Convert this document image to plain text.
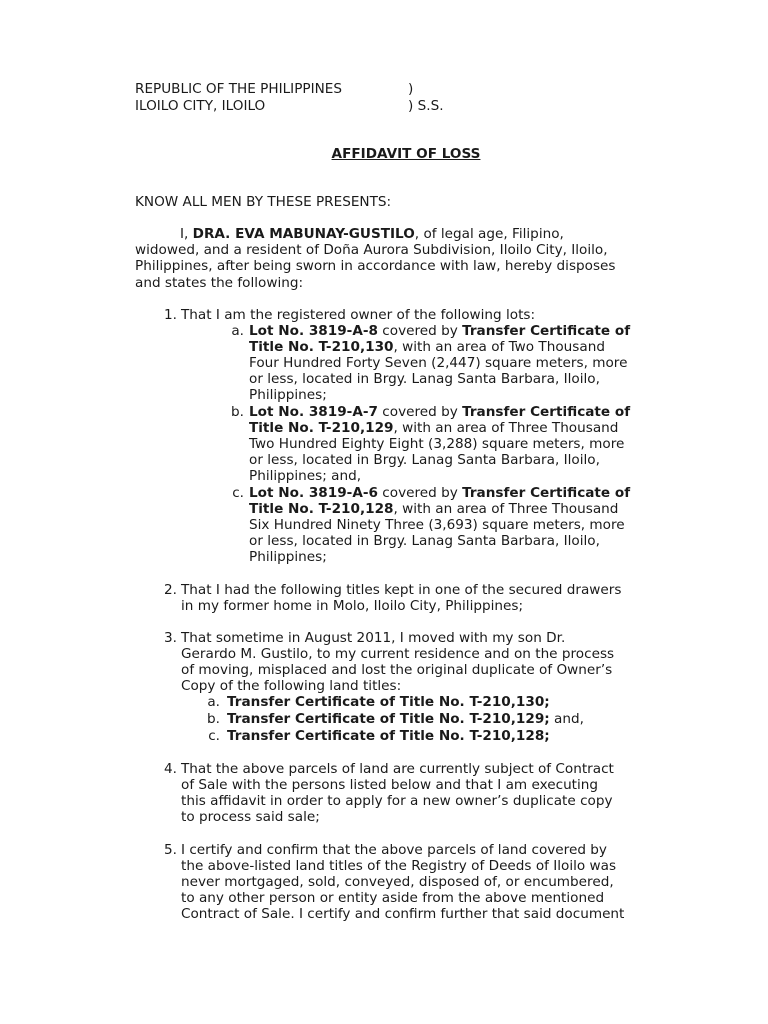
REPUBLIC OF THE PHILIPPINES	)
ILOILO CITY, ILOILO	) S.S.
AFFIDAVIT OF LOSS
KNOW ALL MEN BY THESE PRESENTS:
I, DRA. EVA MABUNAY-GUSTILO, of legal age, Filipino,
widowed, and a resident of Doña Aurora Subdivision, Iloilo City, Iloilo,
Philippines, after being sworn in accordance with law, hereby disposes
and states the following:
1. That I am the registered owner of the following lots:
a. Lot No. 3819-A-8 covered by Transfer Certificate of
Title No. T-210,130, with an area of Two Thousand
Four Hundred Forty Seven (2,447) square meters, more
or less, located in Brgy. Lanag Santa Barbara, Iloilo,
Philippines;
b. Lot No. 3819-A-7 covered by Transfer Certificate of
Title No. T-210,129, with an area of Three Thousand
Two Hundred Eighty Eight (3,288) square meters, more
or less, located in Brgy. Lanag Santa Barbara, Iloilo,
Philippines; and,
c. Lot No. 3819-A-6 covered by Transfer Certificate of
Title No. T-210,128, with an area of Three Thousand
Six Hundred Ninety Three (3,693) square meters, more
or less, located in Brgy. Lanag Santa Barbara, Iloilo,
Philippines;
2. That I had the following titles kept in one of the secured drawers
in my former home in Molo, Iloilo City, Philippines;
3. That sometime in August 2011, I moved with my son Dr.
Gerardo M. Gustilo, to my current residence and on the process
of moving, misplaced and lost the original duplicate of Owner’s
Copy of the following land titles:
a. Transfer Certificate of Title No. T-210,130;
b. Transfer Certificate of Title No. T-210,129; and,
c. Transfer Certificate of Title No. T-210,128;
4. That the above parcels of land are currently subject of Contract
of Sale with the persons listed below and that I am executing
this affidavit in order to apply for a new owner’s duplicate copy
to process said sale;
5. I certify and confirm that the above parcels of land covered by
the above-listed land titles of the Registry of Deeds of Iloilo was
never mortgaged, sold, conveyed, disposed of, or encumbered,
to any other person or entity aside from the above mentioned
Contract of Sale. I certify and confirm further that said document
